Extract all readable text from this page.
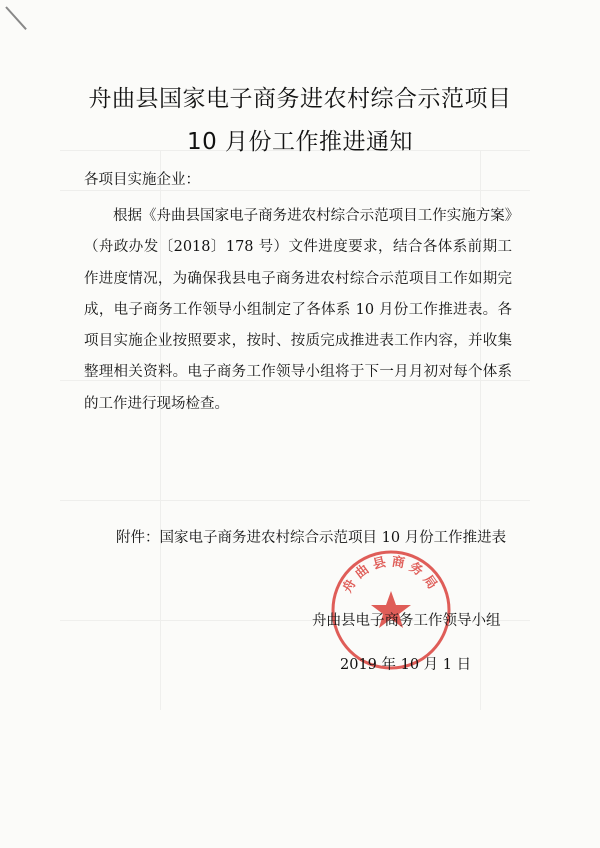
舟曲县国家电子商务进农村综合示范项目
10 月份工作推进通知
各项目实施企业：
根据《舟曲县国家电子商务进农村综合示范项目工作实施方案》（舟政办发〔2018〕178 号）文件进度要求，结合各体系前期工作进度情况，为确保我县电子商务进农村综合示范项目工作如期完成，电子商务工作领导小组制定了各体系 10 月份工作推进表。各项目实施企业按照要求，按时、按质完成推进表工作内容，并收集整理相关资料。电子商务工作领导小组将于下一月月初对每个体系的工作进行现场检查。
附件：国家电子商务进农村综合示范项目 10 月份工作推进表
舟 曲 县 商 务 局
舟曲县电子商务工作领导小组
2019 年 10 月 1 日
